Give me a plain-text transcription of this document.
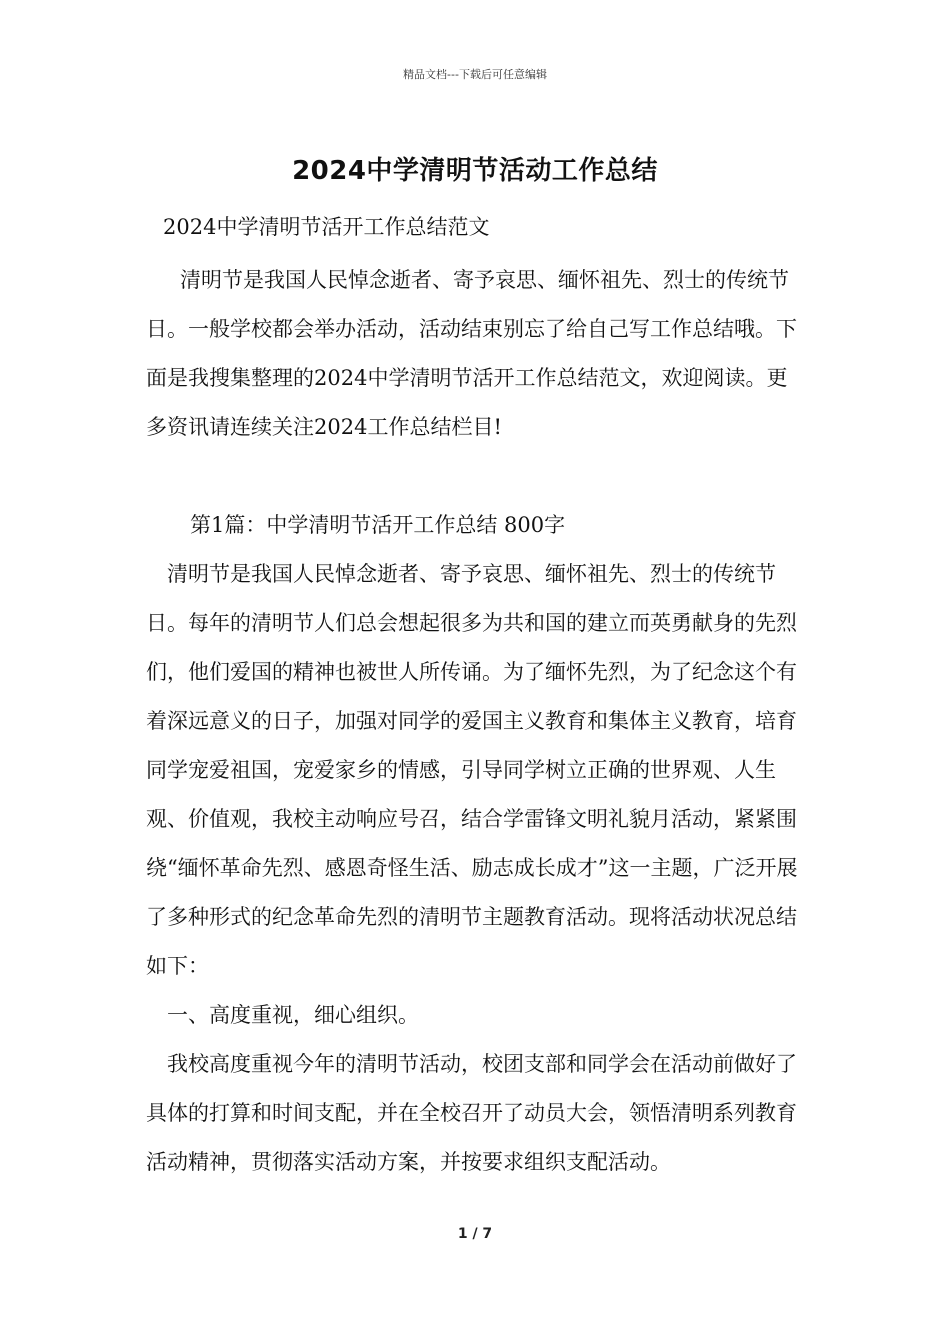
精品文档---下载后可任意编辑
2024中学清明节活动工作总结

2024中学清明节活开工作总结范文

清明节是我国人民悼念逝者、寄予哀思、缅怀祖先、烈士的传统节日。一般学校都会举办活动，活动结束别忘了给自己写工作总结哦。下面是我搜集整理的2024中学清明节活开工作总结范文，欢迎阅读。更多资讯请连续关注2024工作总结栏目!

第1篇：中学清明节活开工作总结 800字

清明节是我国人民悼念逝者、寄予哀思、缅怀祖先、烈士的传统节日。每年的清明节人们总会想起很多为共和国的建立而英勇献身的先烈们，他们爱国的精神也被世人所传诵。为了缅怀先烈，为了纪念这个有着深远意义的日子，加强对同学的爱国主义教育和集体主义教育，培育同学宠爱祖国，宠爱家乡的情感，引导同学树立正确的世界观、人生观、价值观，我校主动响应号召，结合学雷锋文明礼貌月活动，紧紧围绕“缅怀革命先烈、感恩奇怪生活、励志成长成才”这一主题，广泛开展了多种形式的纪念革命先烈的清明节主题教育活动。现将活动状况总结如下：

一、高度重视，细心组织。

我校高度重视今年的清明节活动，校团支部和同学会在活动前做好了具体的打算和时间支配，并在全校召开了动员大会，领悟清明系列教育活动精神，贯彻落实活动方案，并按要求组织支配活动。

1 / 7
